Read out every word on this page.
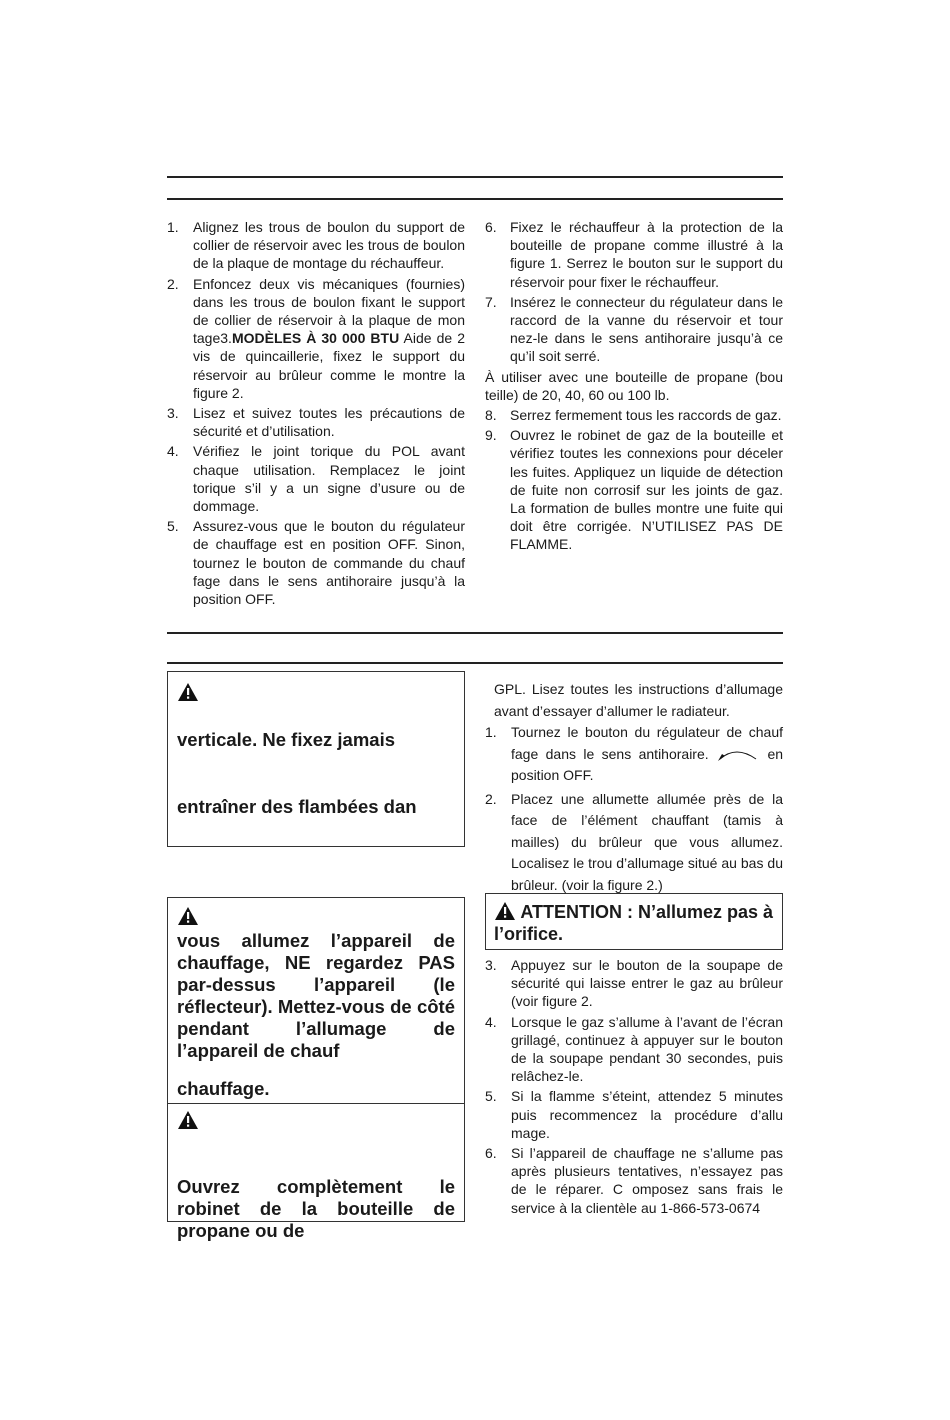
1.	Alignez les trous de boulon du support de collier de réservoir avec les trous de boulon de la plaque de montage du réchauffeur.
2.	Enfoncez deux vis mécaniques (fournies) dans les trous de boulon fixant le support de collier de réservoir à la plaque de mon tage3.MODÈLES À 30 000 BTU Aide de 2 vis de quincaillerie, fixez le support du réservoir au brûleur comme le montre la figure 2.
3.	Lisez et suivez toutes les précautions de sécurité et d’utilisation.
4.	Vérifiez le joint torique du POL avant chaque utilisation. Remplacez le joint torique s’il y a un signe d’usure ou de dommage.
5.	Assurez-vous que le bouton du régulateur de chauffage est en position OFF. Sinon, tournez le bouton de commande du chauf fage dans le sens antihoraire jusqu’à la position OFF.
6. Fixez le réchauffeur à la protection de la bouteille de propane comme illustré à la figure 1. Serrez le bouton sur le support du réservoir pour fixer le réchauffeur.
7. Insérez le connecteur du régulateur dans le raccord de la vanne du réservoir et tour nez-le dans le sens antihoraire jusqu’à ce qu’il soit serré.
À utiliser avec une bouteille de propane (bou teille) de 20, 40, 60 ou 100 lb.
8. Serrez fermement tous les raccords de gaz.
9. Ouvrez le robinet de gaz de la bouteille et vérifiez toutes les connexions pour déceler les fuites. Appliquez un liquide de détection de fuite non corrosif sur les joints de gaz. La formation de bulles montre une fuite qui doit être corrigée. N’UTILISEZ PAS DE FLAMME.
verticale. Ne fixez jamais
entraîner des flambées dan
vous allumez l’appareil de chauffage, NE regardez PAS par-dessus l’appareil (le réflecteur). Mettez-vous de côté pendant l’allumage de l’appareil de chauf
chauffage.
Ouvrez complètement le robinet de la bouteille de propane ou de
GPL. Lisez toutes les instructions d’allumage avant d’essayer d’allumer le radiateur.
1.	Tournez le bouton du régulateur de chauf fage dans le sens antihoraire.	en position OFF.
2.	Placez une allumette allumée près de la face de l’élément chauffant (tamis à mailles) du brûleur que vous allumez. Localisez le trou d’allumage situé au bas du brûleur. (voir la figure 2.)
ATTENTION : N’allumez pas à l’orifice.
3.	Appuyez sur le bouton de la soupape de sécurité qui laisse entrer le gaz au brûleur (voir figure 2.
4.	Lorsque le gaz s’allume à l’avant de l’écran grillagé, continuez à appuyer sur le bouton de la soupape pendant 30 secondes, puis relâchez-le.
5.	Si la flamme s’éteint, attendez 5 minutes puis recommencez la procédure d’allu mage.
6.	Si l’appareil de chauffage ne s’allume pas après plusieurs tentatives, n’essayez pas de le réparer. C omposez sans frais le service à la clientèle au 1-866-573-0674
